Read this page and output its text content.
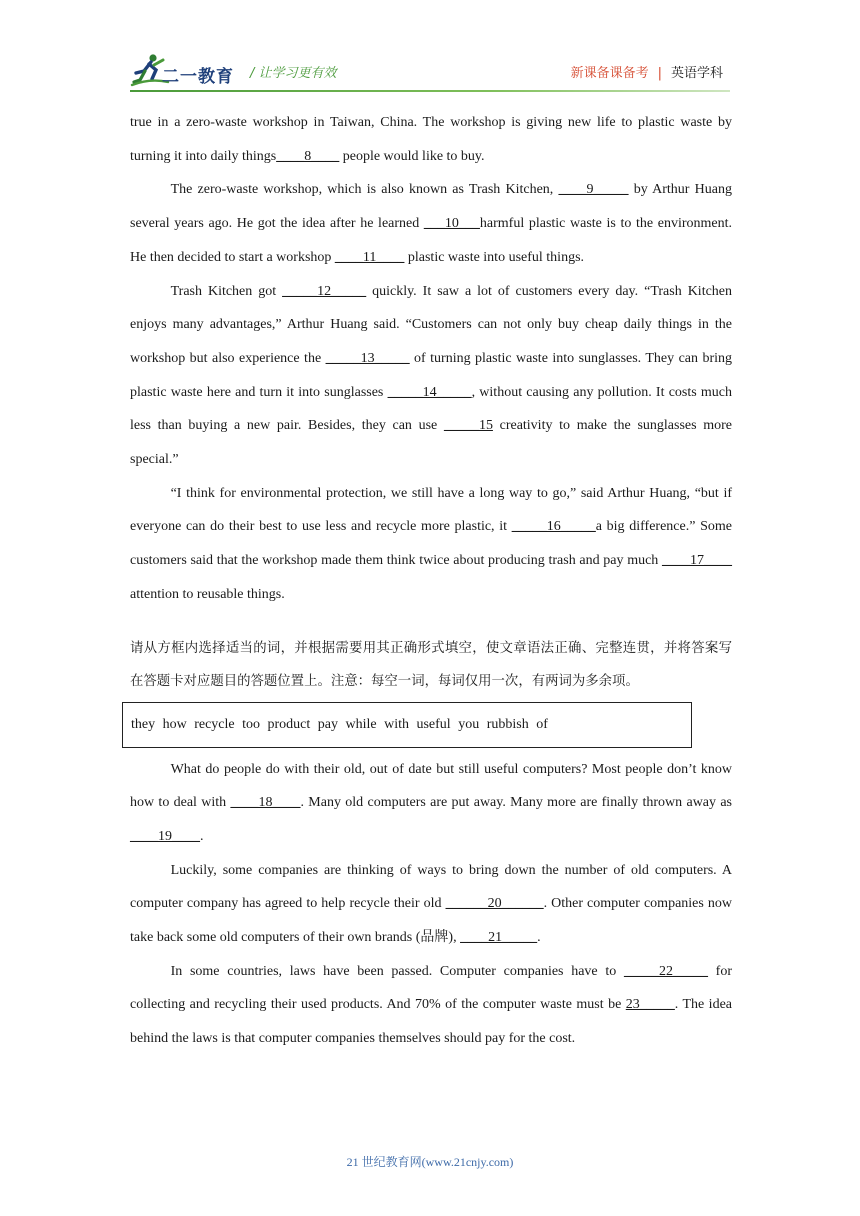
二一教育 / 让学习更有效	新课备课备考 | 英语学科

true in a zero-waste workshop in Taiwan, China. The workshop is giving new life to plastic waste by turning it into daily things____8____ people would like to buy.

The zero-waste workshop, which is also known as Trash Kitchen, ____9_____ by Arthur Huang several years ago. He got the idea after he learned ___10___harmful plastic waste is to the environment. He then decided to start a workshop ____11____ plastic waste into useful things.

Trash Kitchen got _____12_____ quickly. It saw a lot of customers every day. “Trash Kitchen enjoys many advantages,” Arthur Huang said. “Customers can not only buy cheap daily things in the workshop but also experience the _____13_____ of turning plastic waste into sunglasses. They can bring plastic waste here and turn it into sunglasses _____14_____, without causing any pollution. It costs much less than buying a new pair. Besides, they can use _____15 creativity to make the sunglasses more special.”

“I think for environmental protection, we still have a long way to go,” said Arthur Huang, “but if everyone can do their best to use less and recycle more plastic, it _____16_____a big difference.” Some customers said that the workshop made them think twice about producing trash and pay much ____17____ attention to reusable things.

请从方框内选择适当的词，并根据需要用其正确形式填空，使文章语法正确、完整连贯，并将答案写在答题卡对应题目的答题位置上。注意：每空一词，每词仅用一次，有两词为多余项。

they how recycle too product pay while with useful you rubbish of

What do people do with their old, out of date but still useful computers? Most people don’t know how to deal with ____18____. Many old computers are put away. Many more are finally thrown away as ____19____.

Luckily, some companies are thinking of ways to bring down the number of old computers. A computer company has agreed to help recycle their old ______20______. Other computer companies now take back some old computers of their own brands (品牌), ____21_____.

In some countries, laws have been passed. Computer companies have to _____22_____ for collecting and recycling their used products. And 70% of the computer waste must be 23_____. The idea behind the laws is that computer companies themselves should pay for the cost.

21 世纪教育网(www.21cnjy.com)
